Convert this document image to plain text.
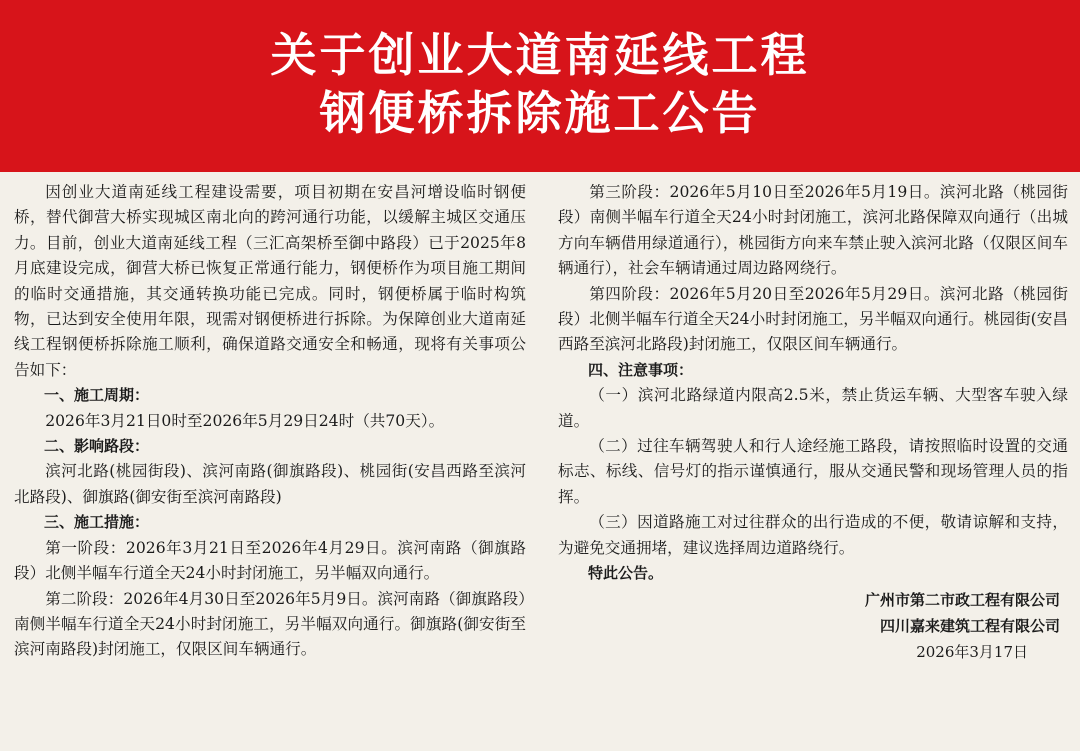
关于创业大道南延线工程
钢便桥拆除施工公告

因创业大道南延线工程建设需要，项目初期在安昌河增设临时钢便桥，替代御营大桥实现城区南北向的跨河通行功能，以缓解主城区交通压力。目前，创业大道南延线工程（三汇高架桥至御中路段）已于2025年8月底建设完成，御营大桥已恢复正常通行能力，钢便桥作为项目施工期间的临时交通措施，其交通转换功能已完成。同时，钢便桥属于临时构筑物，已达到安全使用年限，现需对钢便桥进行拆除。为保障创业大道南延线工程钢便桥拆除施工顺利，确保道路交通安全和畅通，现将有关事项公告如下：

一、施工周期：

2026年3月21日0时至2026年5月29日24时（共70天）。

二、影响路段：

滨河北路(桃园街段)、滨河南路(御旗路段)、桃园街(安昌西路至滨河北路段)、御旗路(御安街至滨河南路段)

三、施工措施：

第一阶段：2026年3月21日至2026年4月29日。滨河南路（御旗路段）北侧半幅车行道全天24小时封闭施工，另半幅双向通行。

第二阶段：2026年4月30日至2026年5月9日。滨河南路（御旗路段）南侧半幅车行道全天24小时封闭施工，另半幅双向通行。御旗路(御安街至滨河南路段)封闭施工，仅限区间车辆通行。

第三阶段：2026年5月10日至2026年5月19日。滨河北路（桃园街段）南侧半幅车行道全天24小时封闭施工，滨河北路保障双向通行（出城方向车辆借用绿道通行），桃园街方向来车禁止驶入滨河北路（仅限区间车辆通行），社会车辆请通过周边路网绕行。

第四阶段：2026年5月20日至2026年5月29日。滨河北路（桃园街段）北侧半幅车行道全天24小时封闭施工，另半幅双向通行。桃园街(安昌西路至滨河北路段)封闭施工，仅限区间车辆通行。

四、注意事项：

（一）滨河北路绿道内限高2.5米，禁止货运车辆、大型客车驶入绿道。

（二）过往车辆驾驶人和行人途经施工路段，请按照临时设置的交通标志、标线、信号灯的指示谨慎通行，服从交通民警和现场管理人员的指挥。

（三）因道路施工对过往群众的出行造成的不便，敬请谅解和支持，为避免交通拥堵，建议选择周边道路绕行。

特此公告。

广州市第二市政工程有限公司
四川嘉来建筑工程有限公司
2026年3月17日
